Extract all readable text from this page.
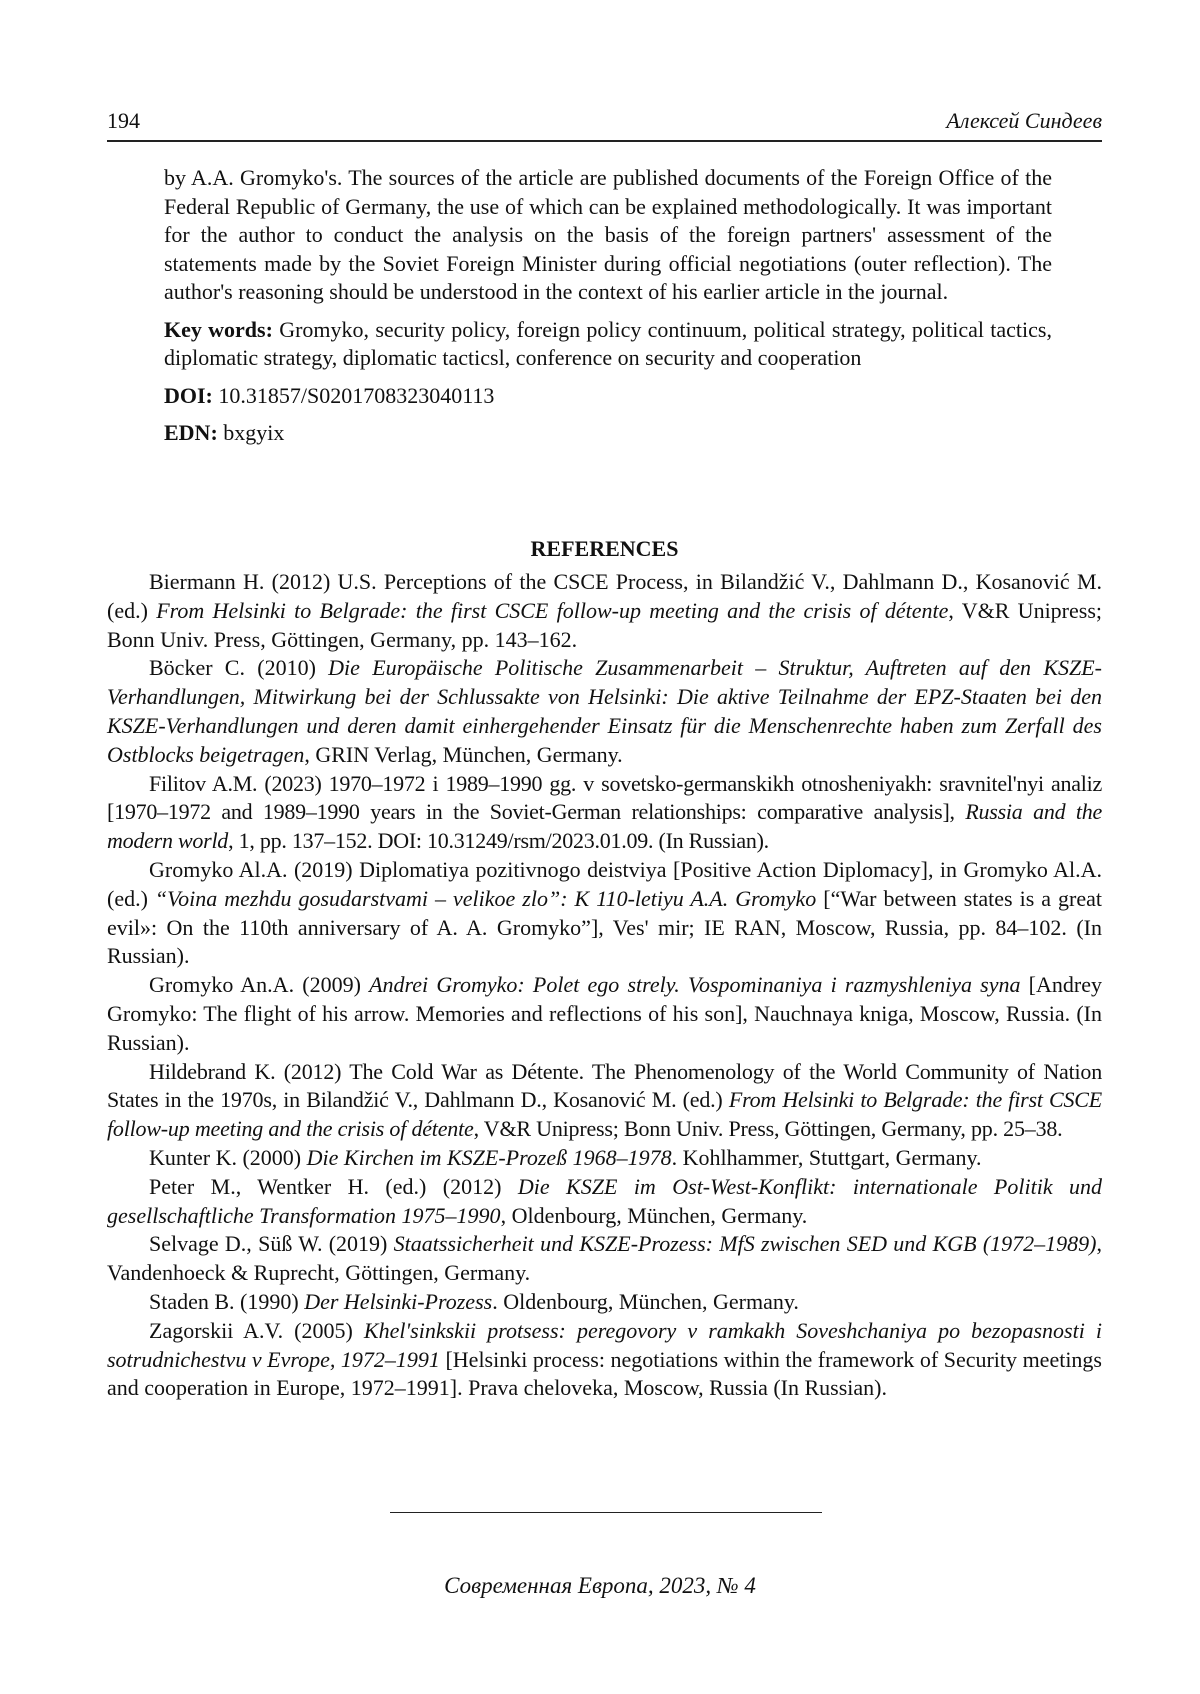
194	Алексей Синдеев

by A.A. Gromyko's. The sources of the article are published documents of the Foreign Office of the Federal Republic of Germany, the use of which can be explained methodologically. It was important for the author to conduct the analysis on the basis of the foreign partners' assessment of the statements made by the Soviet Foreign Minister during official negotiations (outer reflection). The author's reasoning should be understood in the context of his earlier article in the journal.

Key words: Gromyko, security policy, foreign policy continuum, political strategy, political tactics, diplomatic strategy, diplomatic tacticsl, conference on security and cooperation

DOI: 10.31857/S0201708323040113

EDN: bxgyix

REFERENCES

Biermann H. (2012) U.S. Perceptions of the CSCE Process, in Bilandžić V., Dahlmann D., Kosanović M. (ed.) From Helsinki to Belgrade: the first CSCE follow-up meeting and the crisis of détente, V&R Unipress; Bonn Univ. Press, Göttingen, Germany, pp. 143–162.

Böcker C. (2010) Die Europäische Politische Zusammenarbeit – Struktur, Auftreten auf den KSZE-Verhandlungen, Mitwirkung bei der Schlussakte von Helsinki: Die aktive Teilnahme der EPZ-Staaten bei den KSZE-Verhandlungen und deren damit einhergehender Einsatz für die Menschenrechte haben zum Zerfall des Ostblocks beigetragen, GRIN Verlag, München, Germany.

Filitov A.M. (2023) 1970–1972 i 1989–1990 gg. v sovetsko-germanskikh otnosheniyakh: sravnitel'nyi analiz [1970–1972 and 1989–1990 years in the Soviet-German relationships: comparative analysis], Russia and the modern world, 1, pp. 137–152. DOI: 10.31249/rsm/2023.01.09. (In Russian).

Gromyko Al.A. (2019) Diplomatiya pozitivnogo deistviya [Positive Action Diplomacy], in Gromyko Al.A. (ed.) “Voina mezhdu gosudarstvami – velikoe zlo”: K 110-letiyu A.A. Gromyko [“War between states is a great evil»: On the 110th anniversary of A. A. Gromyko”], Ves' mir; IE RAN, Moscow, Russia, pp. 84–102. (In Russian).

Gromyko An.A. (2009) Andrei Gromyko: Polet ego strely. Vospominaniya i razmyshleniya syna [Andrey Gromyko: The flight of his arrow. Memories and reflections of his son], Nauchnaya kniga, Moscow, Russia. (In Russian).

Hildebrand K. (2012) The Cold War as Détente. The Phenomenology of the World Community of Nation States in the 1970s, in Bilandžić V., Dahlmann D., Kosanović M. (ed.) From Helsinki to Belgrade: the first CSCE follow-up meeting and the crisis of détente, V&R Unipress; Bonn Univ. Press, Göttingen, Germany, pp. 25–38.

Kunter K. (2000) Die Kirchen im KSZE-Prozeß 1968–1978. Kohlhammer, Stuttgart, Germany.

Peter M., Wentker H. (ed.) (2012) Die KSZE im Ost-West-Konflikt: internationale Politik und gesellschaftliche Transformation 1975–1990, Oldenbourg, München, Germany.

Selvage D., Süß W. (2019) Staatssicherheit und KSZE-Prozess: MfS zwischen SED und KGB (1972–1989), Vandenhoeck & Ruprecht, Göttingen, Germany.

Staden B. (1990) Der Helsinki-Prozess. Oldenbourg, München, Germany.

Zagorskii A.V. (2005) Khel'sinkskii protsess: peregovory v ramkakh Soveshchaniya po bezopasnosti i sotrudnichestvu v Evrope, 1972–1991 [Helsinki process: negotiations within the framework of Security meetings and cooperation in Europe, 1972–1991]. Prava cheloveka, Moscow, Russia (In Russian).

Современная Европа, 2023, № 4
